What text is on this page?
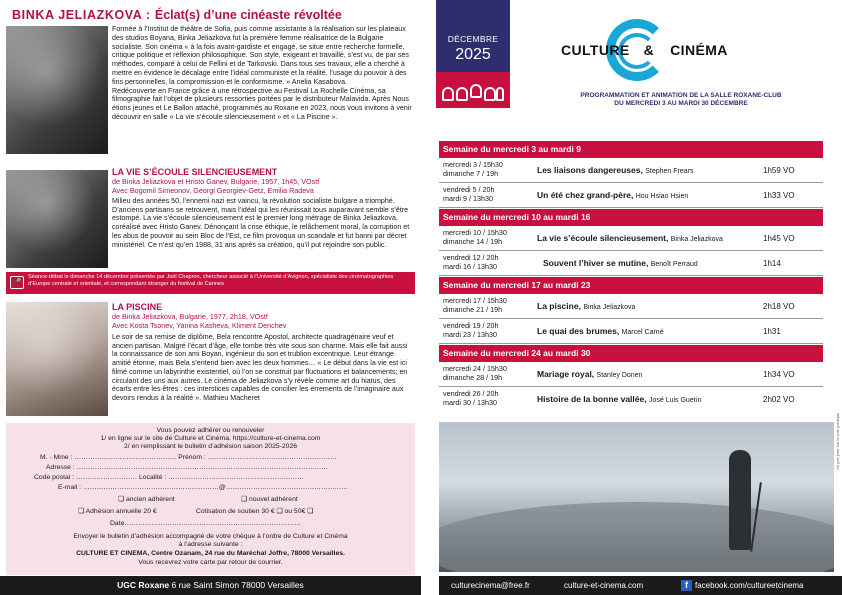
BINKA JELIAZKOVA : Éclat(s) d’une cinéaste révoltée

Formée à l’Institut de théâtre de Sofia, puis comme assistante à la réalisation sur les plateaux des studios Boyana, Binka Jeliazkova fut la première femme réalisatrice de la Bulgarie socialiste. Son cinéma « à la fois avant-gardiste et engagé, se situe entre recherche formelle, critique politique et réflexion philosophique. Son style, exigeant et travaillé, s’est vu, de par ses méthodes, comparé à celui de Fellini et de Tarkovski. Dans tous ses travaux, elle a cherché à mettre en évidence le décalage entre l’idéal communiste et la réalité, l’usage du pouvoir à des fins personnelles, la compromission et le conformisme. » Anelia Kasabova.

Redécouverte en France grâce à une rétrospective au Festival La Rochelle Cinéma, sa filmographie fait l’objet de plusieurs ressorties portées par le distributeur Malavida. Après Nous étions jeunes et Le Ballon attaché, programmés au Roxane en 2023, nous vous invitons à venir découvrir en salle « La vie s’écoule silencieusement » et « La Piscine ».

LA VIE S’ÉCOULE SILENCIEUSEMENT
de Binka Jeliazkova et Hristo Ganev, Bulgarie, 1957, 1h45, VOstf
Avec Bogomil Simeonov, Georgi Georgiev-Getz, Emilia Radeva
Milieu des années 50, l’ennemi nazi est vaincu, la révolution socialiste bulgare a triomphé. D’anciens partisans se retrouvent, mais l’idéal qui les réunissait tous auparavant semble s’être estompé. La vie s’écoule silencieusement est le premier long métrage de Binka Jeliazkova, coréalisé avec Hristo Ganev. Dénonçant la crise éthique, le relâchement moral, la corruption et les abus de pouvoir au sein Bloc de l’Est, ce film provoqua un scandale et fut banni par décret ministériel. Ce n’est qu’en 1988, 31 ans après sa création, qu’il put rejoindre son public.
🎤
Séance-débat le dimanche 14 décembre présentée par Joël Chapron, chercheur associé à l’Université d’Avignon, spécialiste des cinématographies d’Europe centrale et orientale, et correspondant étranger du festival de Cannes
LA PISCINE
de Binka Jeliazkova, Bulgarie, 1977, 2h18, VOstf
Avec Kosta Tsonev, Yanina Kasheva, Kliment Denchev
Le soir de sa remise de diplôme, Bela rencontre Apostol, architecte quadragénaire veuf et ancien partisan. Malgré l’écart d’âge, elle tombe très vite sous son charme. Mais elle fait aussi la connaissance de son ami Boyan, ingénieur du son et trublion excentrique. Leur étrange amitié étonne, mais Bela s’entend bien avec les deux hommes… « Le début dans la vie est ici filmé comme un labyrinthe existentiel, où l’on se construit par fluctuations et balancements; en circulant des uns aux autres. Le cinéma de Jeliazkova s’y révèle comme art du hiatus, des écarts entre les êtres : ces interstices capables de concilier les errements de l’imaginaire aux devoirs rendus à la réalité ». Mathieu Macheret
Vous pouvez adhérer ou renouveler
1/ en ligne sur le site de Culture et Cinéma. https://culture-et-cinema.com
2/ en remplissant le bulletin d’adhésion saison 2025-2026
M. - Mme : ……………………………………… Prénom : …………………………………………………
Adresse : …………………………………………………………………………………………………
Code postal : ……………………… Localité : ……………………………………………………
E-mail : ……………………………………………………@………………………………………………
❑ ancien adhérent	❑ nouvel adhérent
❑ Adhésion annuelle 20 €	Cotisation de soutien 30 € ❑ ou 50€ ❑
Date……………………………………………………………………
Envoyer le bulletin d’adhésion accompagné de votre chèque à l’ordre de Culture et Cinéma
à l’adresse suivante :
CULTURE ET CINEMA, Centre Ozanam, 24 rue du Maréchal Joffre, 78000 Versailles.
Vous recevrez votre carte par retour de courrier.
UGC Roxane 6 rue Saint Simon 78000 Versailles
DÉCEMBRE
2025	CULTURE & CINÉMA
PROGRAMMATION ET ANIMATION DE LA SALLE ROXANE-CLUB
DU MERCREDI 3 AU MARDI 30 DÉCEMBRE
Semaine du mercredi 3 au mardi 9
mercredi 3 / 15h30
dimanche 7 / 19h	Les liaisons dangereuses, Stephen Frears	1h59 VO
vendredi 5 / 20h
mardi 9 / 13h30	Un été chez grand-père, Hou Hsiao Hsien	1h33 VO
Semaine du mercredi 10 au mardi 16
mercredi 10 / 15h30
dimanche 14 / 19h	La vie s’écoule silencieusement, Binka Jeliazkova	1h45 VO
vendredi 12 / 20h
mardi 16 / 13h30	Souvent l’hiver se mutine, Benoît Perraud	1h14
Semaine du mercredi 17 au mardi 23
mercredi 17 / 15h30
dimanche 21 / 19h	La piscine, Binka Jeliazkova	2h18 VO
vendredi 19 / 20h
mardi 23 / 13h30	Le quai des brumes, Marcel Carné	1h31
Semaine du mercredi 24 au mardi 30
mercredi 24 / 15h30
dimanche 28 / 19h	Mariage royal, Stanley Donen	1h34 VO
vendredi 26 / 20h
mardi 30 / 13h30	Histoire de la bonne vallée, José Luis Guerin	2h02 VO
Ne pas jeter sur la voie publique
culturecinema@free.fr	culture-et-cinema.com	f facebook.com/cultureetcinema
